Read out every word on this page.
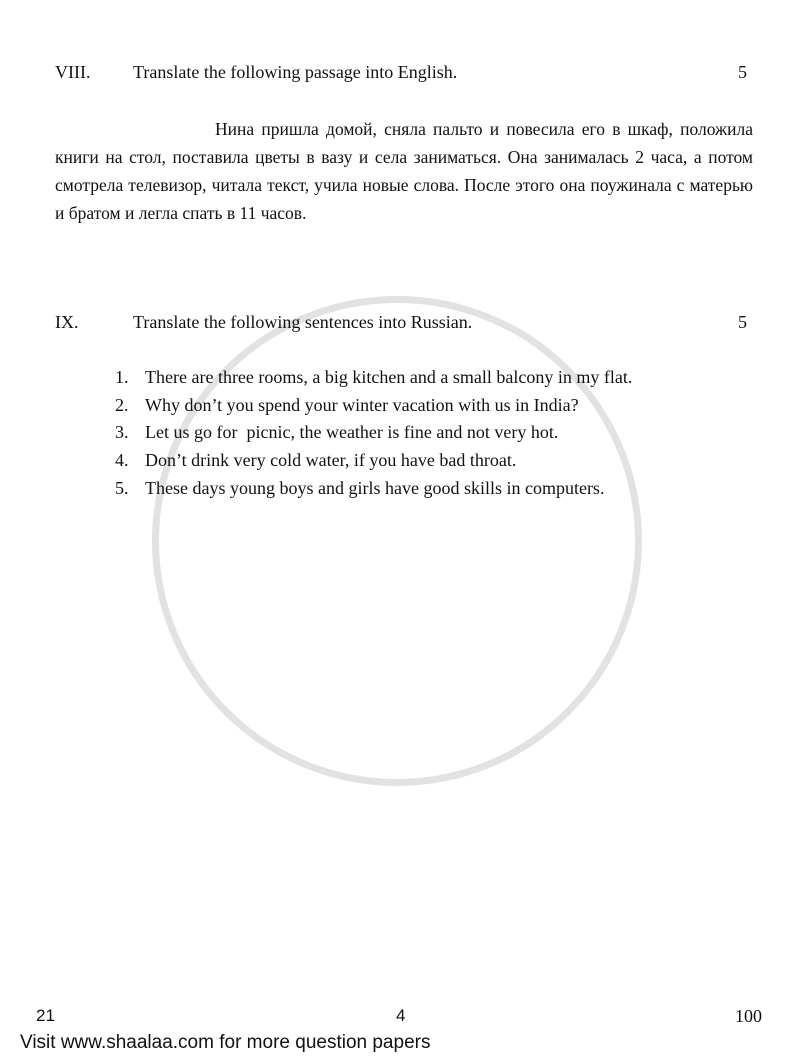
VIII. Translate the following passage into English.	5
Нина пришла домой, сняла пальто и повесила его в шкаф, положила книги на стол, поставила цветы в вазу и села заниматься. Она занималась 2 часа, а потом смотрела телевизор, читала текст, учила новые слова. После этого она поужинала с матерью и братом и легла спать в 11 часов.
IX.	Translate the following sentences into Russian.	5
1. There are three rooms, a big kitchen and a small balcony in my flat.
2. Why don’t you spend your winter vacation with us in India?
3. Let us go for  picnic, the weather is fine and not very hot.
4. Don’t drink very cold water, if you have bad throat.
5. These days young boys and girls have good skills in computers.
21	4	100
Visit www.shaalaa.com for more question papers
